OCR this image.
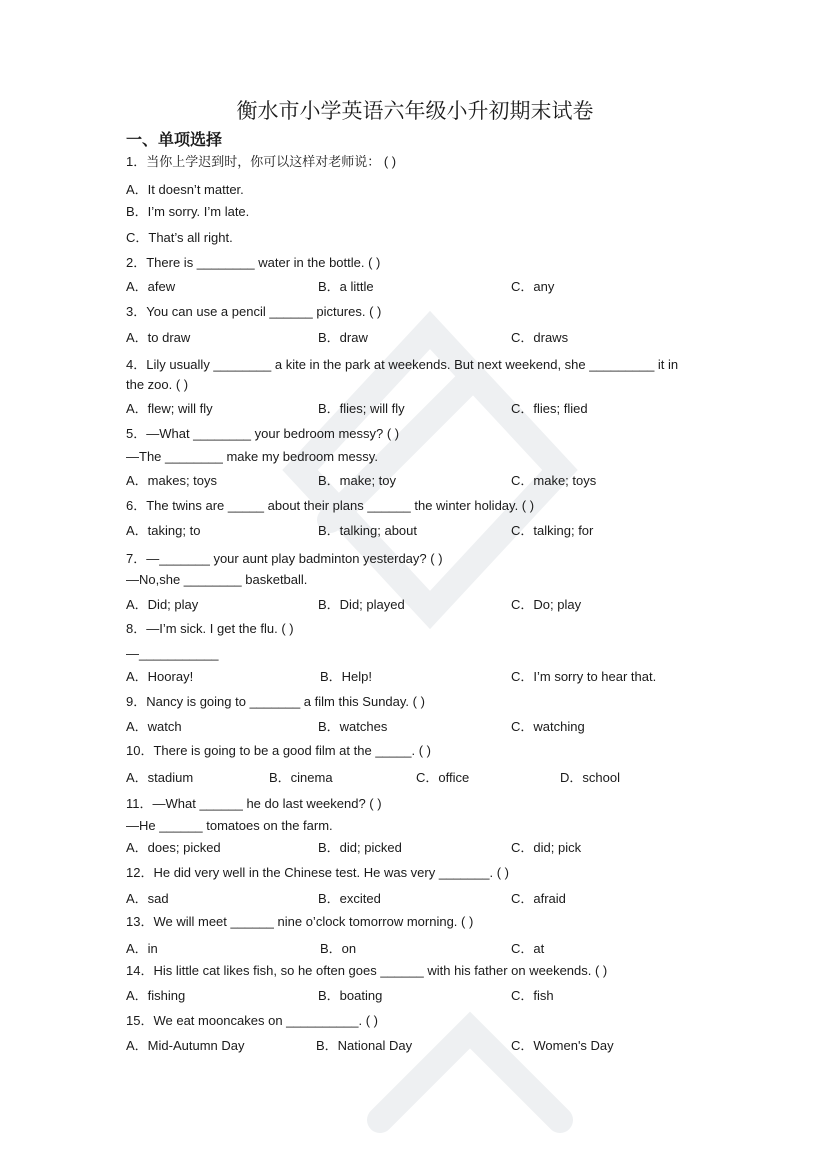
衡水市小学英语六年级小升初期末试卷
一、单项选择
1．当你上学迟到时，你可以这样对老师说： ( )
A．It doesn’t matter.
B．I’m sorry. I’m late.
C．That’s all right.
2．There is ________ water in the bottle. ( )
A．afew	B．a little	C．any
3．You can use a pencil ______ pictures. ( )
A．to draw	B．draw	C．draws
4．Lily usually ________ a kite in the park at weekends. But next weekend, she _________ it in
the zoo. ( )
A．flew; will fly	B．flies; will fly	C．flies; flied
5．—What ________ your bedroom messy? ( )
—The ________ make my bedroom messy.
A．makes; toys	B．make; toy	C．make; toys
6．The twins are _____ about their plans ______ the winter holiday. ( )
A．taking; to	B．talking; about	C．talking; for
7．—_______ your aunt play badminton yesterday? ( )
—No,she ________ basketball.
A．Did; play	B．Did; played	C．Do; play
8．—I’m sick. I get the flu. ( )
—___________
A．Hooray!	B．Help!	C．I’m sorry to hear that.
9．Nancy is going to _______ a film this Sunday. ( )
A．watch	B．watches	C．watching
10．There is going to be a good film at the _____. ( )
A．stadium	B．cinema	C．office	D．school
11．—What ______ he do last weekend? ( )
—He ______ tomatoes on the farm.
A．does; picked	B．did; picked	C．did; pick
12．He did very well in the Chinese test. He was very _______. ( )
A．sad	B．excited	C．afraid
13．We will meet ______ nine o’clock tomorrow morning. ( )
A．in	B．on	C．at
14．His little cat likes fish, so he often goes ______ with his father on weekends. ( )
A．fishing	B．boating	C．fish
15．We eat mooncakes on __________. ( )
A．Mid-Autumn Day	B．National Day	C．Women's Day
